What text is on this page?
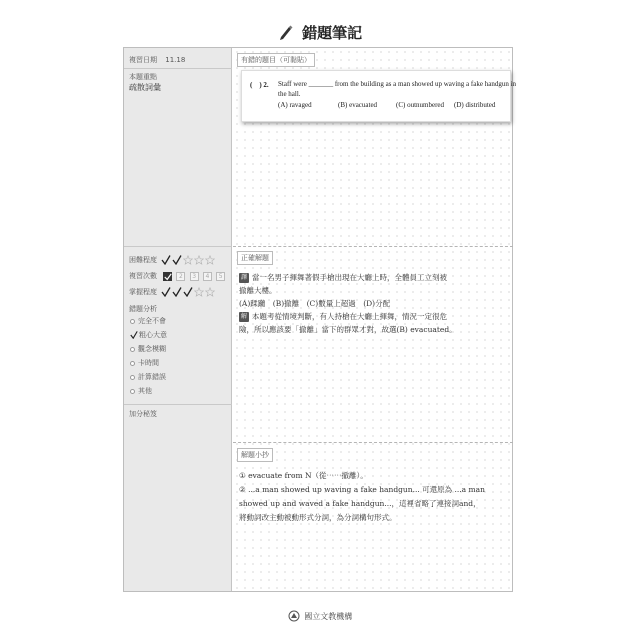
錯題筆記
複習日期 11.18
本題重點
疏散詞彙
困難程度
複習次數	2 3 4 5
掌握程度
錯題分析
完全不會
粗心大意
觀念模糊
卡時間
計算錯誤
其他
加分秘笈
有錯的題目（可黏貼）
(　) 2. Staff were _______ from the building as a man showed up waving a fake handgun in
the hall.
(A) ravaged	(B) evacuated	(C) outnumbered (D) distributed
正確解題
譯 當一名男子揮舞著假手槍出現在大廳上時，全體員工立刻被
撤離大樓。
(A)蹂躪　(B)撤離　(C)數量上超過　(D)分配
解 本題考從情境判斷，有人持槍在大廳上揮舞，情況一定很危
險，所以應該要「撤離」當下的群眾才對，故選(B) evacuated。
解題小抄
① evacuate from N（從⋯⋯撤離）。
② ...a man showed up waving a fake handgun... 可還原為 ...a man
showed up and waved a fake handgun...，這裡省略了連接詞and，
將動詞改主動被動形式分詞，為分詞構句形式。
國立文教機構
